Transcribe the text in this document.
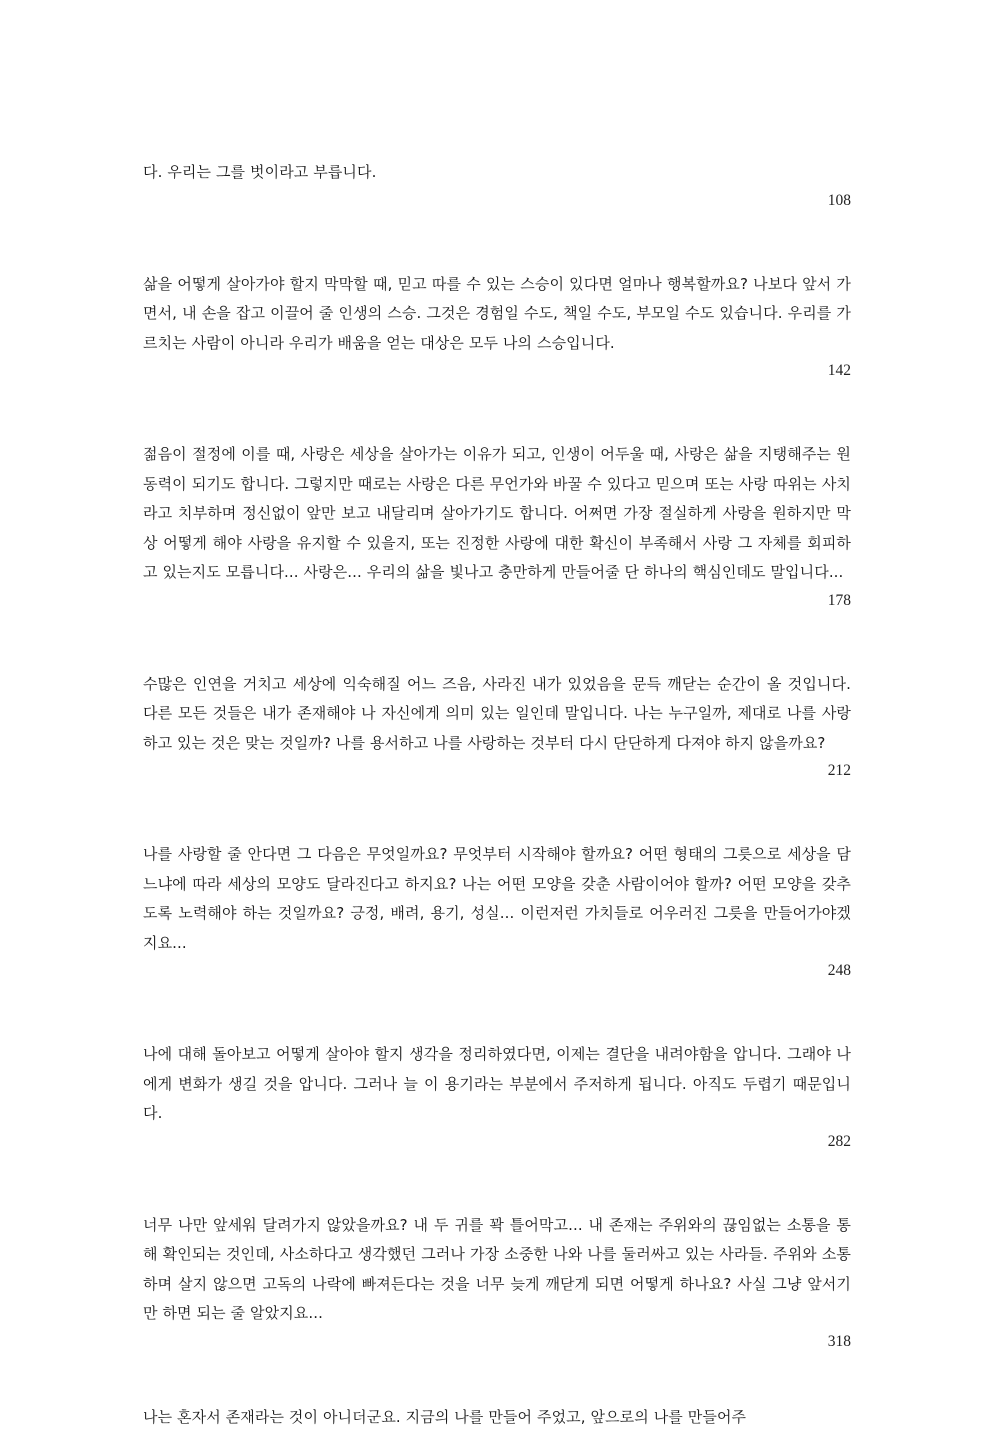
다. 우리는 그를 벗이라고 부릅니다.

108

삶을 어떻게 살아가야 할지 막막할 때, 믿고 따를 수 있는 스승이 있다면 얼마나 행복할까요? 나보다 앞서 가면서, 내 손을 잡고 이끌어 줄 인생의 스승. 그것은 경험일 수도, 책일 수도, 부모일 수도 있습니다. 우리를 가르치는 사람이 아니라 우리가 배움을 얻는 대상은 모두 나의 스승입니다.

142

젊음이 절정에 이를 때, 사랑은 세상을 살아가는 이유가 되고, 인생이 어두울 때, 사랑은 삶을 지탱해주는 원동력이 되기도 합니다. 그렇지만 때로는 사랑은 다른 무언가와 바꿀 수 있다고 믿으며 또는 사랑 따위는 사치라고 치부하며 정신없이 앞만 보고 내달리며 살아가기도 합니다. 어쩌면 가장 절실하게 사랑을 원하지만 막상 어떻게 해야 사랑을 유지할 수 있을지, 또는 진정한 사랑에 대한 확신이 부족해서 사랑 그 자체를 회피하고 있는지도 모릅니다... 사랑은... 우리의 삶을 빛나고 충만하게 만들어줄 단 하나의 핵심인데도 말입니다...

178

수많은 인연을 거치고 세상에 익숙해질 어느 즈음, 사라진 내가 있었음을 문득 깨닫는 순간이 올 것입니다. 다른 모든 것들은 내가 존재해야 나 자신에게 의미 있는 일인데 말입니다. 나는 누구일까, 제대로 나를 사랑하고 있는 것은 맞는 것일까? 나를 용서하고 나를 사랑하는 것부터 다시 단단하게 다져야 하지 않을까요?

212

나를 사랑할 줄 안다면 그 다음은 무엇일까요? 무엇부터 시작해야 할까요? 어떤 형태의 그릇으로 세상을 담느냐에 따라 세상의 모양도 달라진다고 하지요? 나는 어떤 모양을 갖춘 사람이어야 할까? 어떤 모양을 갖추도록 노력해야 하는 것일까요? 긍정, 배려, 용기, 성실... 이런저런 가치들로 어우러진 그릇을 만들어가야겠지요...

248

나에 대해 돌아보고 어떻게 살아야 할지 생각을 정리하였다면, 이제는 결단을 내려야함을 압니다. 그래야 나에게 변화가 생길 것을 압니다. 그러나 늘 이 용기라는 부분에서 주저하게 됩니다. 아직도 두렵기 때문입니다.

282

너무 나만 앞세워 달려가지 않았을까요? 내 두 귀를 꽉 틀어막고... 내 존재는 주위와의 끊임없는 소통을 통해 확인되는 것인데, 사소하다고 생각했던 그러나 가장 소중한 나와 나를 둘러싸고 있는 사라들. 주위와 소통하며 살지 않으면 고독의 나락에 빠져든다는 것을 너무 늦게 깨닫게 되면 어떻게 하나요? 사실 그냥 앞서기만 하면 되는 줄 알았지요...

318

나는 혼자서 존재라는 것이 아니더군요. 지금의 나를 만들어 주었고, 앞으로의 나를 만들어주
